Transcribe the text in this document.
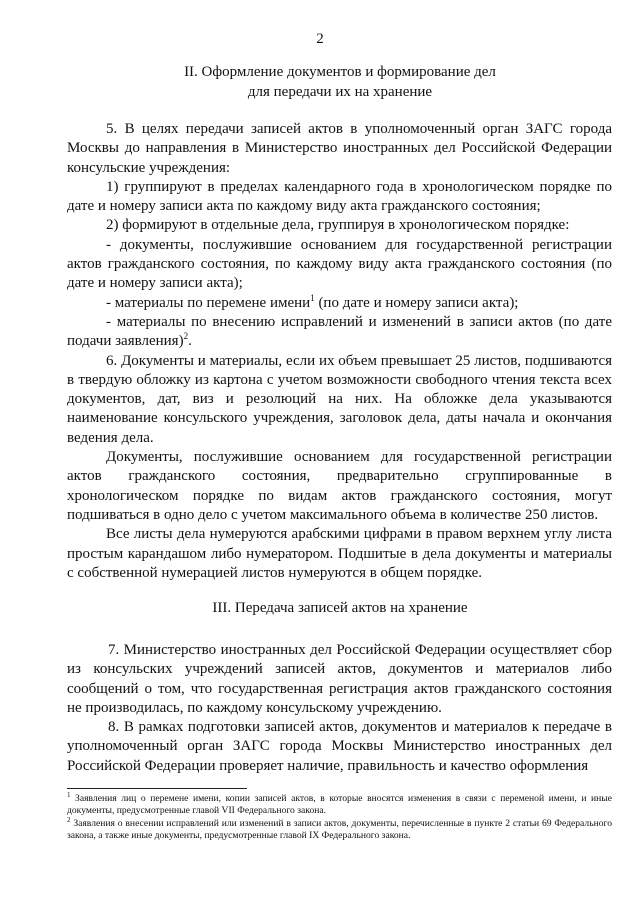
2
II. Оформление документов и формирование дел
для передачи их на хранение

5. В целях передачи записей актов в уполномоченный орган ЗАГС города Москвы до направления в Министерство иностранных дел Российской Федерации консульские учреждения:

1) группируют в пределах календарного года в хронологическом порядке по дате и номеру записи акта по каждому виду акта гражданского состояния;

2) формируют в отдельные дела, группируя в хронологическом порядке:

- документы, послужившие основанием для государственной регистрации актов гражданского состояния, по каждому виду акта гражданского состояния (по дате и номеру записи акта);

- материалы по перемене имени$^1$ (по дате и номеру записи акта);

- материалы по внесению исправлений и изменений в записи актов (по дате подачи заявления)$^2$.

6. Документы и материалы, если их объем превышает 25 листов, подшиваются в твердую обложку из картона с учетом возможности свободного чтения текста всех документов, дат, виз и резолюций на них. На обложке дела указываются наименование консульского учреждения, заголовок дела, даты начала и окончания ведения дела.

Документы, послужившие основанием для государственной регистрации актов гражданского состояния, предварительно сгруппированные в хронологическом порядке по видам актов гражданского состояния, могут подшиваться в одно дело с учетом максимального объема в количестве 250 листов.

Все листы дела нумеруются арабскими цифрами в правом верхнем углу листа простым карандашом либо нумератором. Подшитые в дела документы и материалы с собственной нумерацией листов нумеруются в общем порядке.

III. Передача записей актов на хранение

7. Министерство иностранных дел Российской Федерации осуществляет сбор из консульских учреждений записей актов, документов и материалов либо сообщений о том, что государственная регистрация актов гражданского состояния не производилась, по каждому консульскому учреждению.

8. В рамках подготовки записей актов, документов и материалов к передаче в уполномоченный орган ЗАГС города Москвы Министерство иностранных дел Российской Федерации проверяет наличие, правильность и качество оформления

$^1$ Заявления лиц о перемене имени, копии записей актов, в которые вносятся изменения в связи с переменой имени, и иные документы, предусмотренные главой VII Федерального закона.

$^2$ Заявления о внесении исправлений или изменений в записи актов, документы, перечисленные в пункте 2 статьи 69 Федерального закона, а также иные документы, предусмотренные главой IX Федерального закона.
